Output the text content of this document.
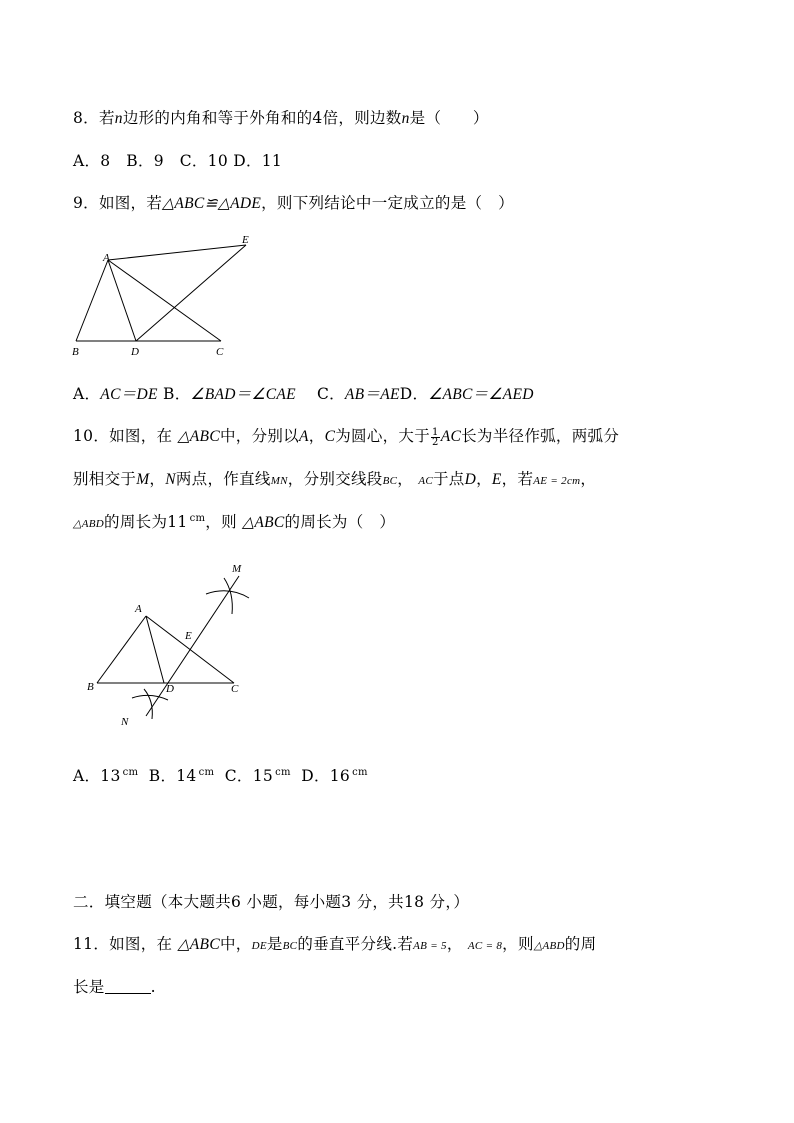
8．若n边形的内角和等于外角和的4倍，则边数n是（　　）
A．8　B．9　C．10 D．11
9．如图，若△ABC≌△ADE，则下列结论中一定成立的是（　）
A
E
B	D	C
A．AC＝DE B．∠BAD＝∠CAE　 C．AB＝AED．∠ABC＝∠AED
10．如图，在 △ABC中，分别以A，C为圆心，大于 $\frac{1}{2}$ AC长为半径作弧，两弧分
别相交于M，N两点，作直线MN，分别交线段BC， AC于点D，E，若AE = 2cm，
△ABD的周长为11 $^{cm}$，则 △ABC的周长为（　）
M
A
E
B	D	C
N
A．13 $^{cm}$ B．14 $^{cm}$ C．15 $^{cm}$ D．16 $^{cm}$
二．填空题（本大题共6 小题，每小题3 分，共18 分，）
11．如图，在 △ABC中，DE是BC的垂直平分线.若AB = 5， AC = 8，则△ABD的周
长是	.
